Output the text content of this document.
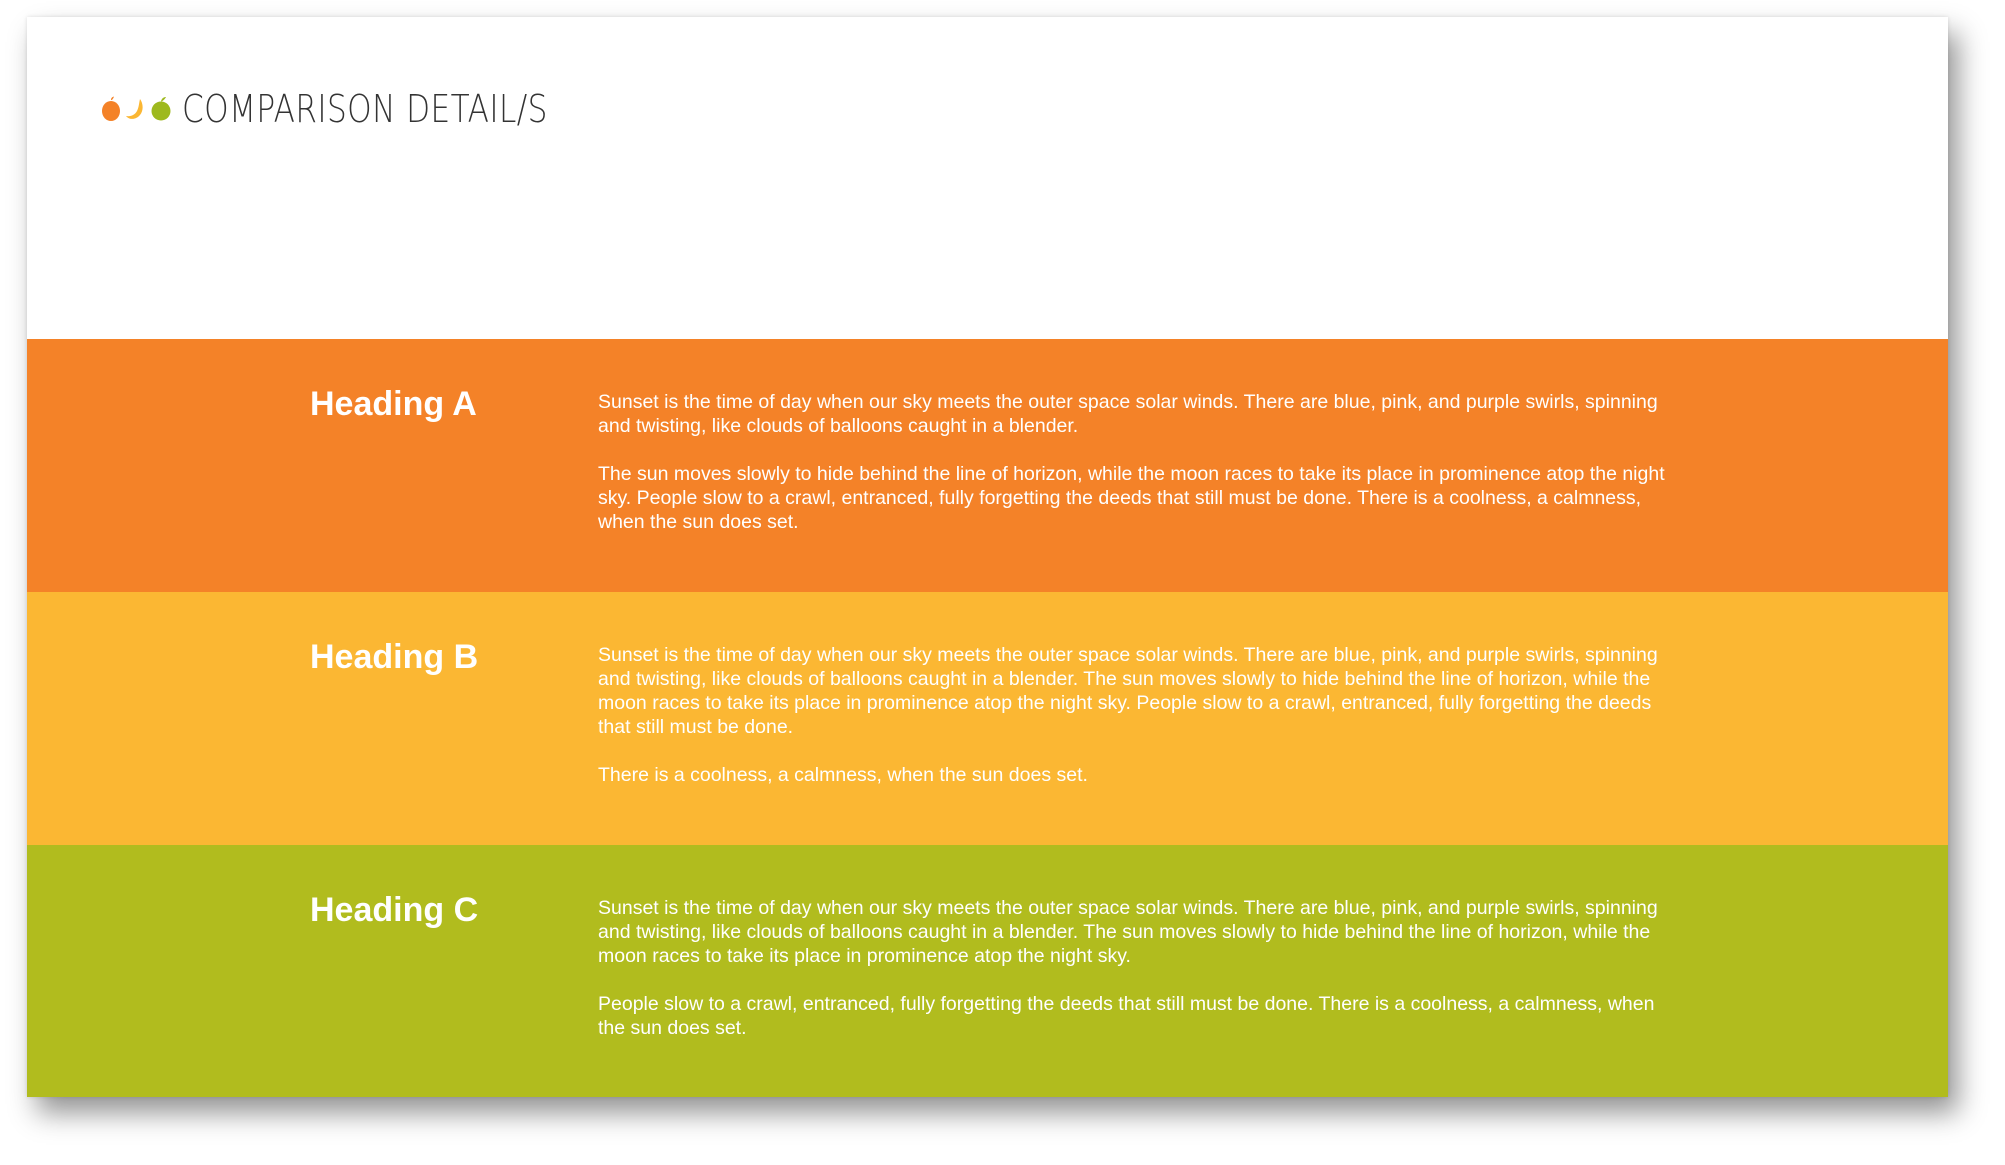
COMPARISON DETAIL/S
Heading A	Sunset is the time of day when our sky meets the outer space solar winds. There are blue, pink, and purple swirls, spinning and twisting, like clouds of balloons caught in a blender.

The sun moves slowly to hide behind the line of horizon, while the moon races to take its place in prominence atop the night sky. People slow to a crawl, entranced, fully forgetting the deeds that still must be done. There is a coolness, a calmness, when the sun does set.

Heading B	Sunset is the time of day when our sky meets the outer space solar winds. There are blue, pink, and purple swirls, spinning and twisting, like clouds of balloons caught in a blender. The sun moves slowly to hide behind the line of horizon, while the moon races to take its place in prominence atop the night sky. People slow to a crawl, entranced, fully forgetting the deeds that still must be done.

There is a coolness, a calmness, when the sun does set.

Heading C	Sunset is the time of day when our sky meets the outer space solar winds. There are blue, pink, and purple swirls, spinning and twisting, like clouds of balloons caught in a blender. The sun moves slowly to hide behind the line of horizon, while the moon races to take its place in prominence atop the night sky.

People slow to a crawl, entranced, fully forgetting the deeds that still must be done. There is a coolness, a calmness, when the sun does set.
